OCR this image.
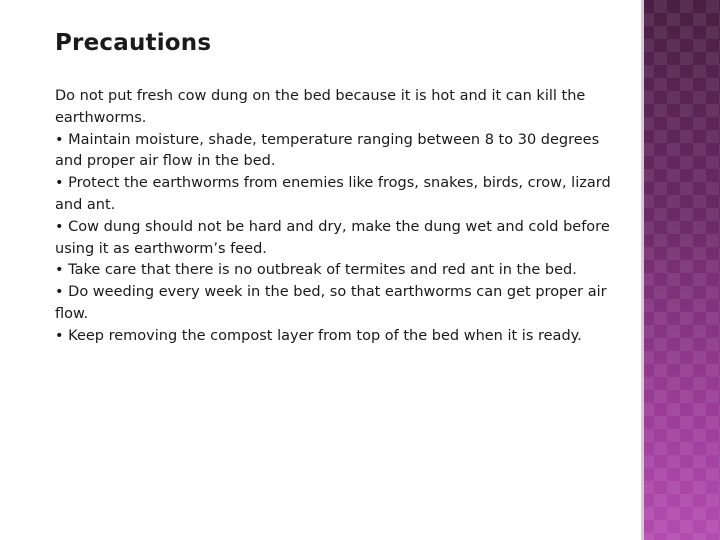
Precautions

Do not put fresh cow dung on the bed because it is hot and it can kill the earthworms.

• Maintain moisture, shade, temperature ranging between 8 to 30 degrees and proper air flow in the bed.

• Protect the earthworms from enemies like frogs, snakes, birds, crow, lizard and ant.

• Cow dung should not be hard and dry, make the dung wet and cold before using it as earthworm’s feed.

• Take care that there is no outbreak of termites and red ant in the bed.

• Do weeding every week in the bed, so that earthworms can get proper air flow.

• Keep removing the compost layer from top of the bed when it is ready.
